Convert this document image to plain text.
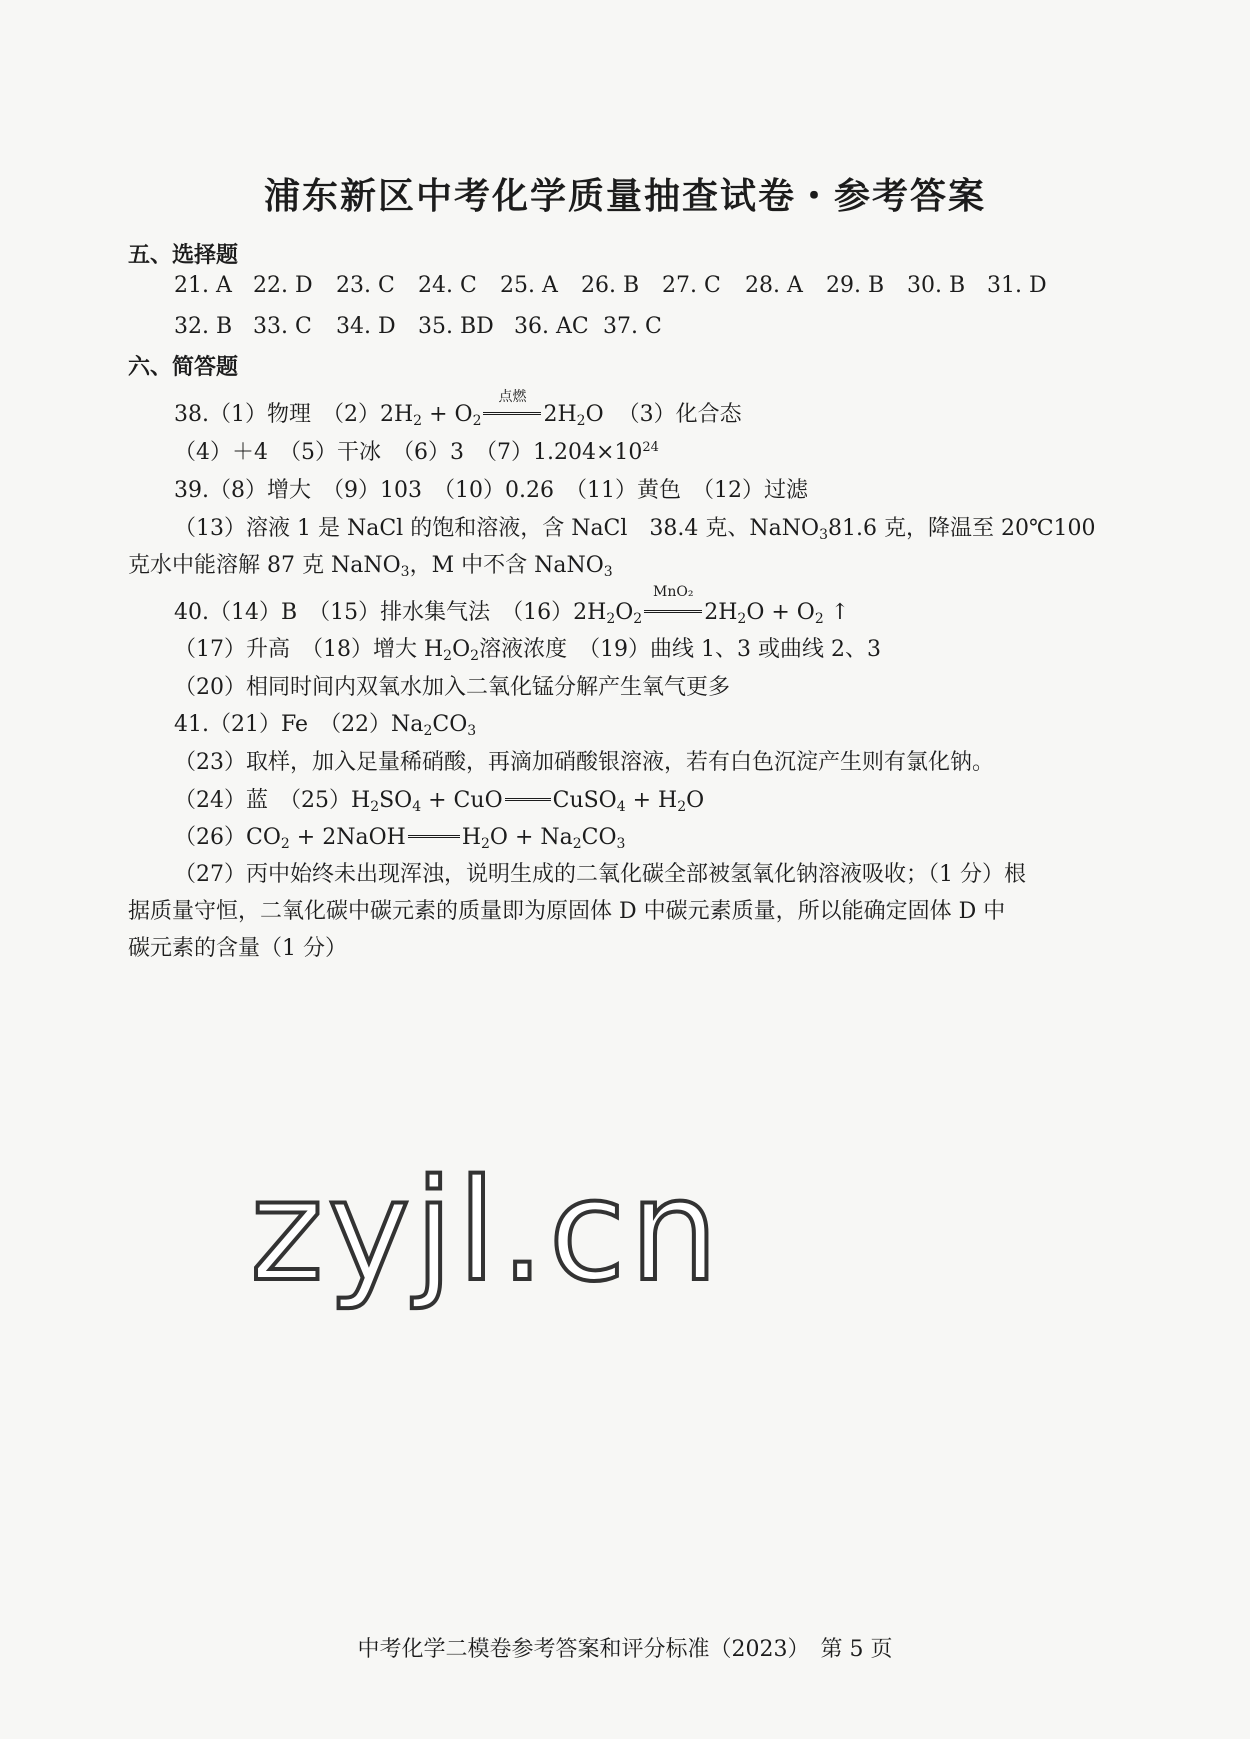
浦东新区中考化学质量抽查试卷・参考答案
五、选择题
21. A 22. D 23. C 24. C 25. A 26. B 27. C 28. A 29. B 30. B 31. D
32. B 33. C 34. D 35. BD 36. AC 37. C
六、简答题
38.（1）物理　$(2)2H_2 + O_2$
点燃
$2H_2O$ （3）化合态
（4）＋4　（5）干冰　（6）3　$(7)1.204\times 10^{24}$
39.（8）增大　（9）103　（10）0.26　（11）黄色　（12）过滤
（13）溶液 1 是 NaCl 的饱和溶液，含 NaCl　38.4 克、NaNO$_3$81.6 克，降温至 20℃100
克水中能溶解 87 克 NaNO$_3$，M 中不含 NaNO$_3$
40.（14）B　（15）排水集气法　$(16)2H_2O_2$
MnO₂
$2H_2O + O_2$ ↑
（17）升高　（18）增大 $H_2O_2$溶液浓度　（19）曲线 1、3 或曲线 2、3
（20）相同时间内双氧水加入二氧化锰分解产生氧气更多
41.（21）Fe　$(22)Na_2CO_3$
（23）取样，加入足量稀硝酸，再滴加硝酸银溶液，若有白色沉淀产生则有氯化钠。
（24）蓝　$(25)H_2SO_4$ + CuO CuSO$_4$ + $H_2O$
$(26)CO_2$ + 2NaOH	$H_2O + Na_2CO_3$
（27）丙中始终未出现浑浊，说明生成的二氧化碳全部被氢氧化钠溶液吸收；（1 分）根
据质量守恒，二氧化碳中碳元素的质量即为原固体 D 中碳元素质量，所以能确定固体 D 中
碳元素的含量（1 分）
zyjl.cn
中考化学二模卷参考答案和评分标准（2023）　第 5 页
